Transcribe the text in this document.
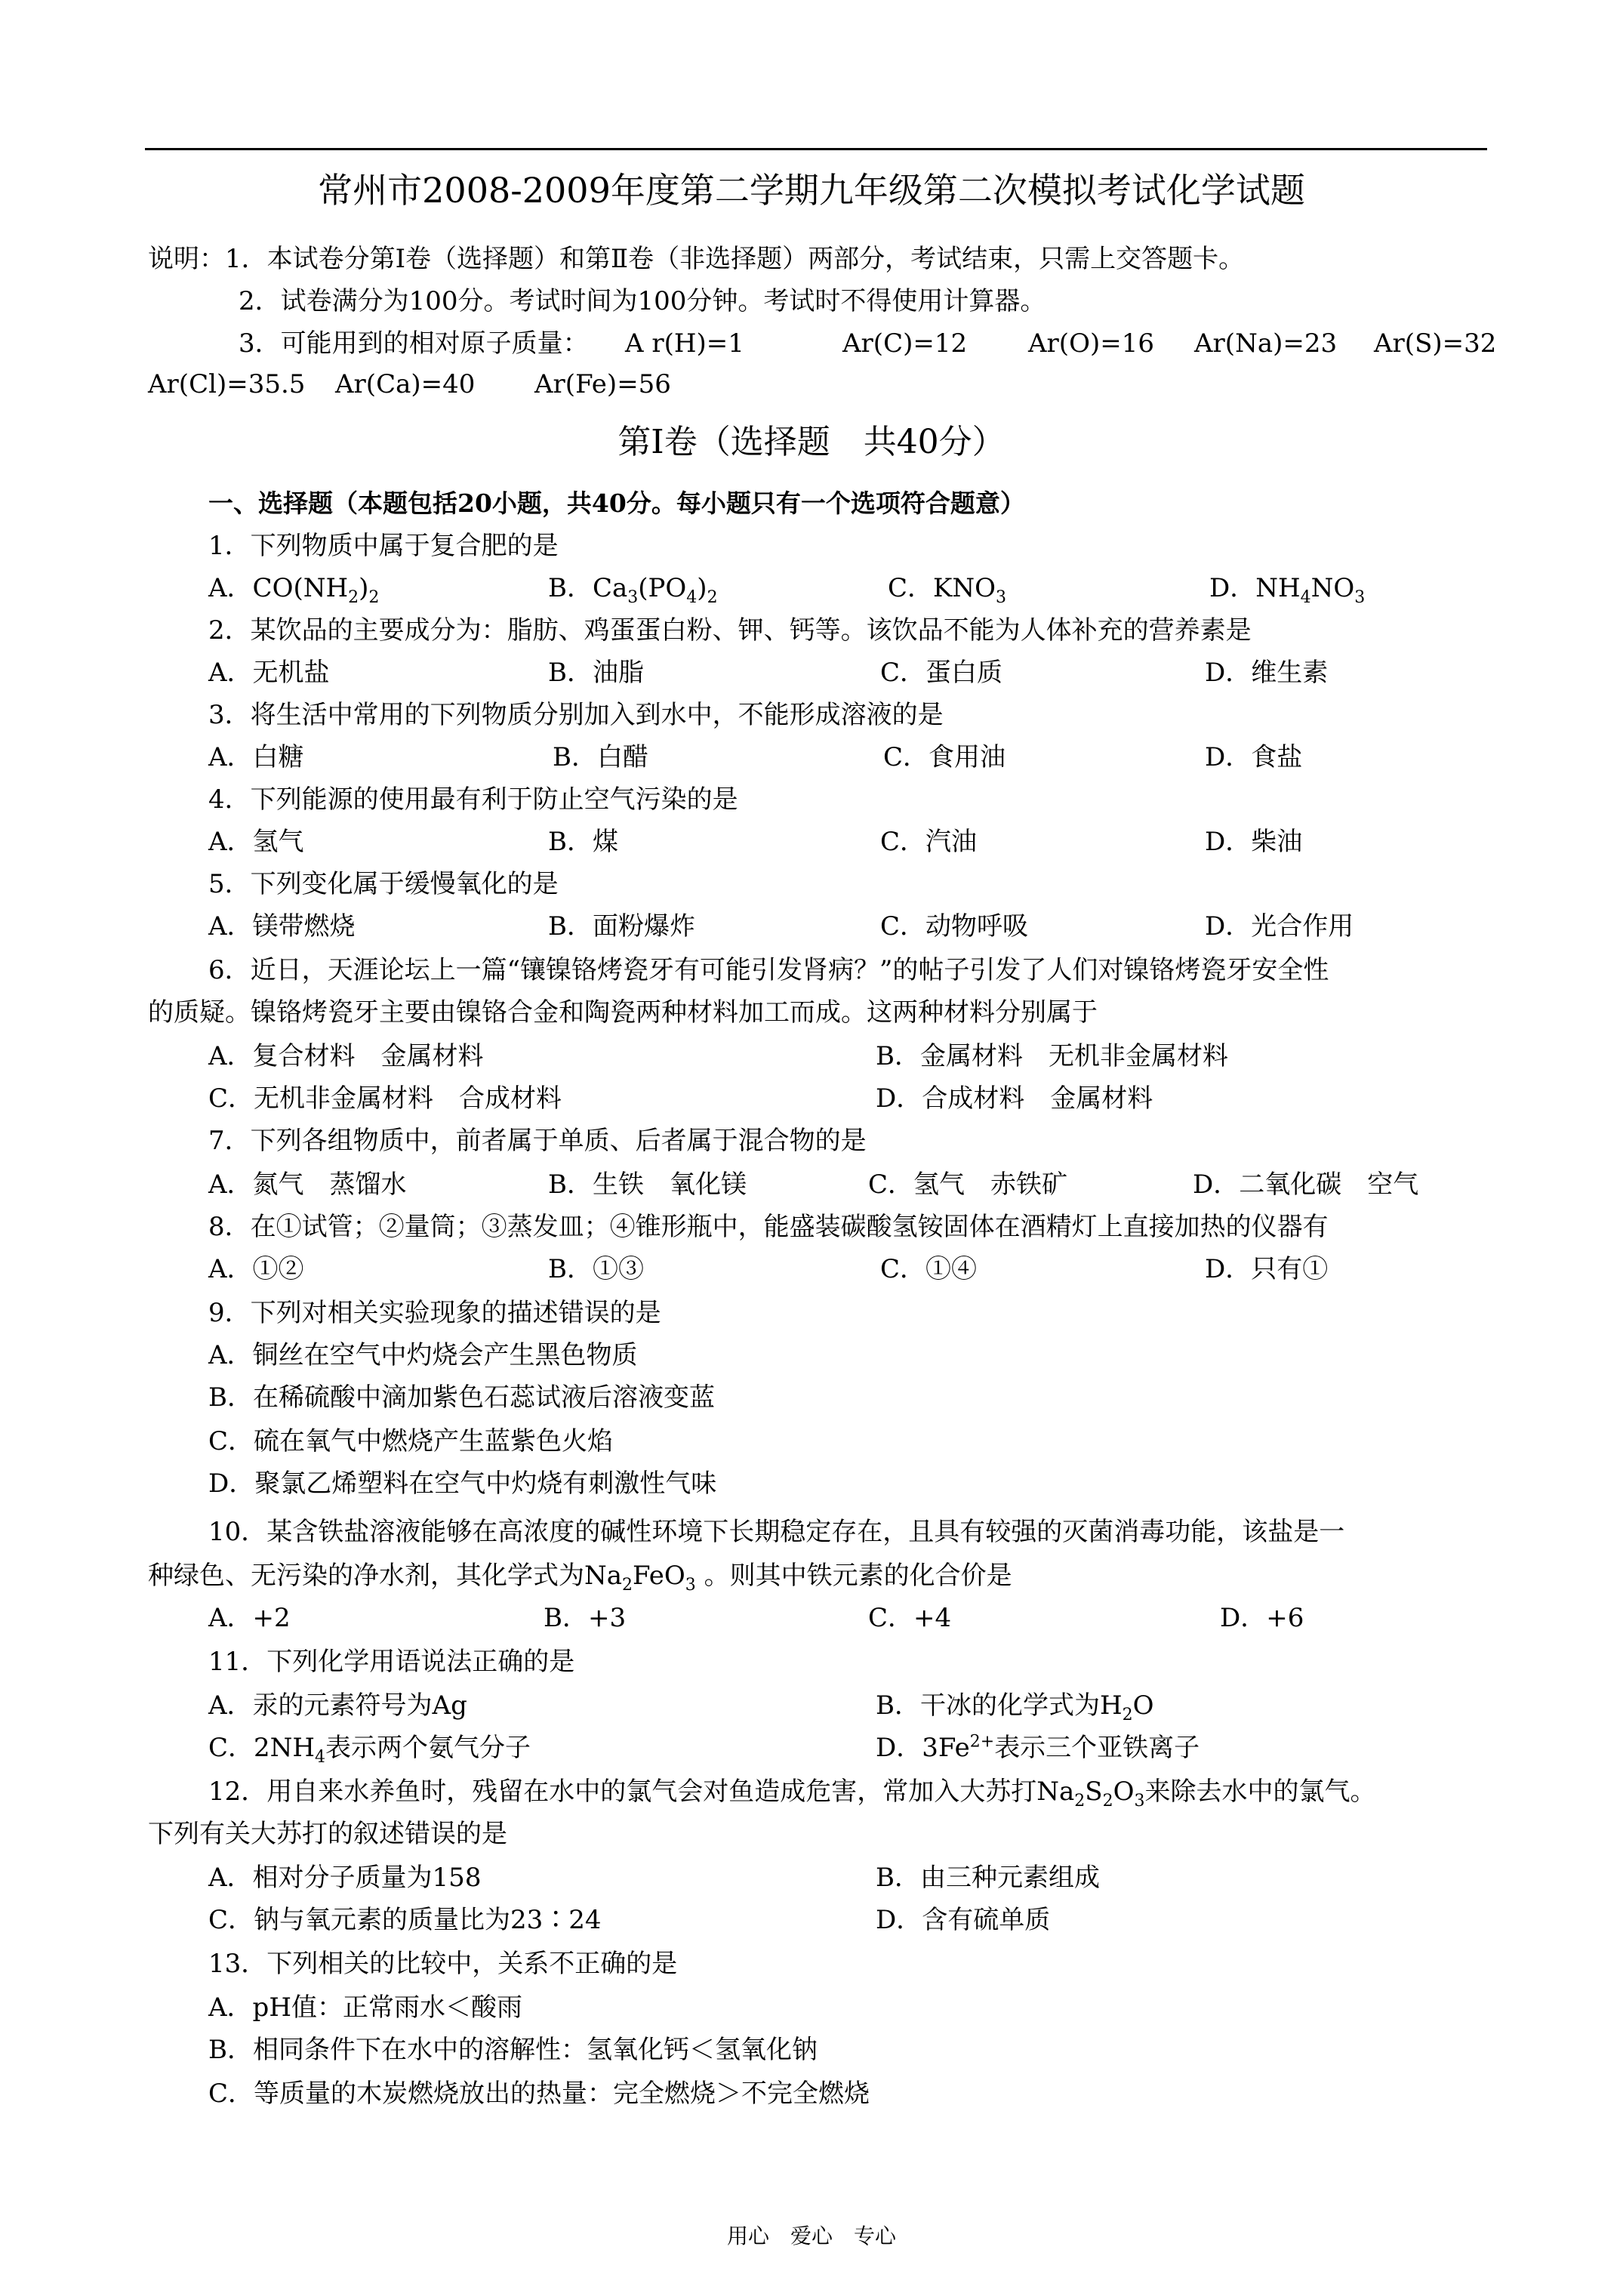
常州市2008-2009年度第二学期九年级第二次模拟考试化学试题
说明：1．本试卷分第Ⅰ卷（选择题）和第Ⅱ卷（非选择题）两部分，考试结束，只需上交答题卡。
2．试卷满分为100分。考试时间为100分钟。考试时不得使用计算器。
3．可能用到的相对原子质量： A r(H)=1	Ar(C)=12 Ar(O)=16 Ar(Na)=23 Ar(S)=32
Ar(Cl)=35.5 Ar(Ca)=40 Ar(Fe)=56
第Ⅰ卷（选择题　共40分）
一、选择题（本题包括20小题，共40分。每小题只有一个选项符合题意）
1．下列物质中属于复合肥的是
A．$CO(NH_2)_2$	B．$Ca_3(PO_4)_2$	C．$KNO_3$	D．$NH_4NO_3$
2．某饮品的主要成分为：脂肪、鸡蛋蛋白粉、钾、钙等。该饮品不能为人体补充的营养素是
A．无机盐	B．油脂	C．蛋白质	D．维生素
3．将生活中常用的下列物质分别加入到水中，不能形成溶液的是
A．白糖	B．白醋	C．食用油	D．食盐
4．下列能源的使用最有利于防止空气污染的是
A．氢气	B．煤	C．汽油	D．柴油
5．下列变化属于缓慢氧化的是
A．镁带燃烧	B．面粉爆炸	C．动物呼吸	D．光合作用
6．近日，天涯论坛上一篇“镶镍铬烤瓷牙有可能引发肾病？”的帖子引发了人们对镍铬烤瓷牙安全性
的质疑。镍铬烤瓷牙主要由镍铬合金和陶瓷两种材料加工而成。这两种材料分别属于
A．复合材料　金属材料	B．金属材料　无机非金属材料
C．无机非金属材料　合成材料	D．合成材料　金属材料
7．下列各组物质中，前者属于单质、后者属于混合物的是
A．氮气　蒸馏水	B．生铁　氧化镁	C．氢气　赤铁矿	D．二氧化碳　空气
8．在①试管；②量筒；③蒸发皿；④锥形瓶中，能盛装碳酸氢铵固体在酒精灯上直接加热的仪器有
A．①②	B．①③	C．①④	D．只有①
9．下列对相关实验现象的描述错误的是
A．铜丝在空气中灼烧会产生黑色物质
B．在稀硫酸中滴加紫色石蕊试液后溶液变蓝
C．硫在氧气中燃烧产生蓝紫色火焰
D．聚氯乙烯塑料在空气中灼烧有刺激性气味
10．某含铁盐溶液能够在高浓度的碱性环境下长期稳定存在，且具有较强的灭菌消毒功能，该盐是一
种绿色、无污染的净水剂，其化学式为$Na_2FeO_3$ 。则其中铁元素的化合价是
A．+2	B．+3	C．+4	D．+6
11．下列化学用语说法正确的是
A．汞的元素符号为Ag	B．干冰的化学式为$H_2O$
C．$2NH_4$表示两个氨气分子	D．$3Fe^{2+}$表示三个亚铁离子
12．用自来水养鱼时，残留在水中的氯气会对鱼造成危害，常加入大苏打$Na_2S_2O_3$来除去水中的氯气。
下列有关大苏打的叙述错误的是
A．相对分子质量为158	B．由三种元素组成
C．钠与氧元素的质量比为23∶24	D．含有硫单质
13．下列相关的比较中，关系不正确的是
A．pH值：正常雨水＜酸雨
B．相同条件下在水中的溶解性：氢氧化钙＜氢氧化钠
C．等质量的木炭燃烧放出的热量：完全燃烧＞不完全燃烧
用心　爱心　专心
